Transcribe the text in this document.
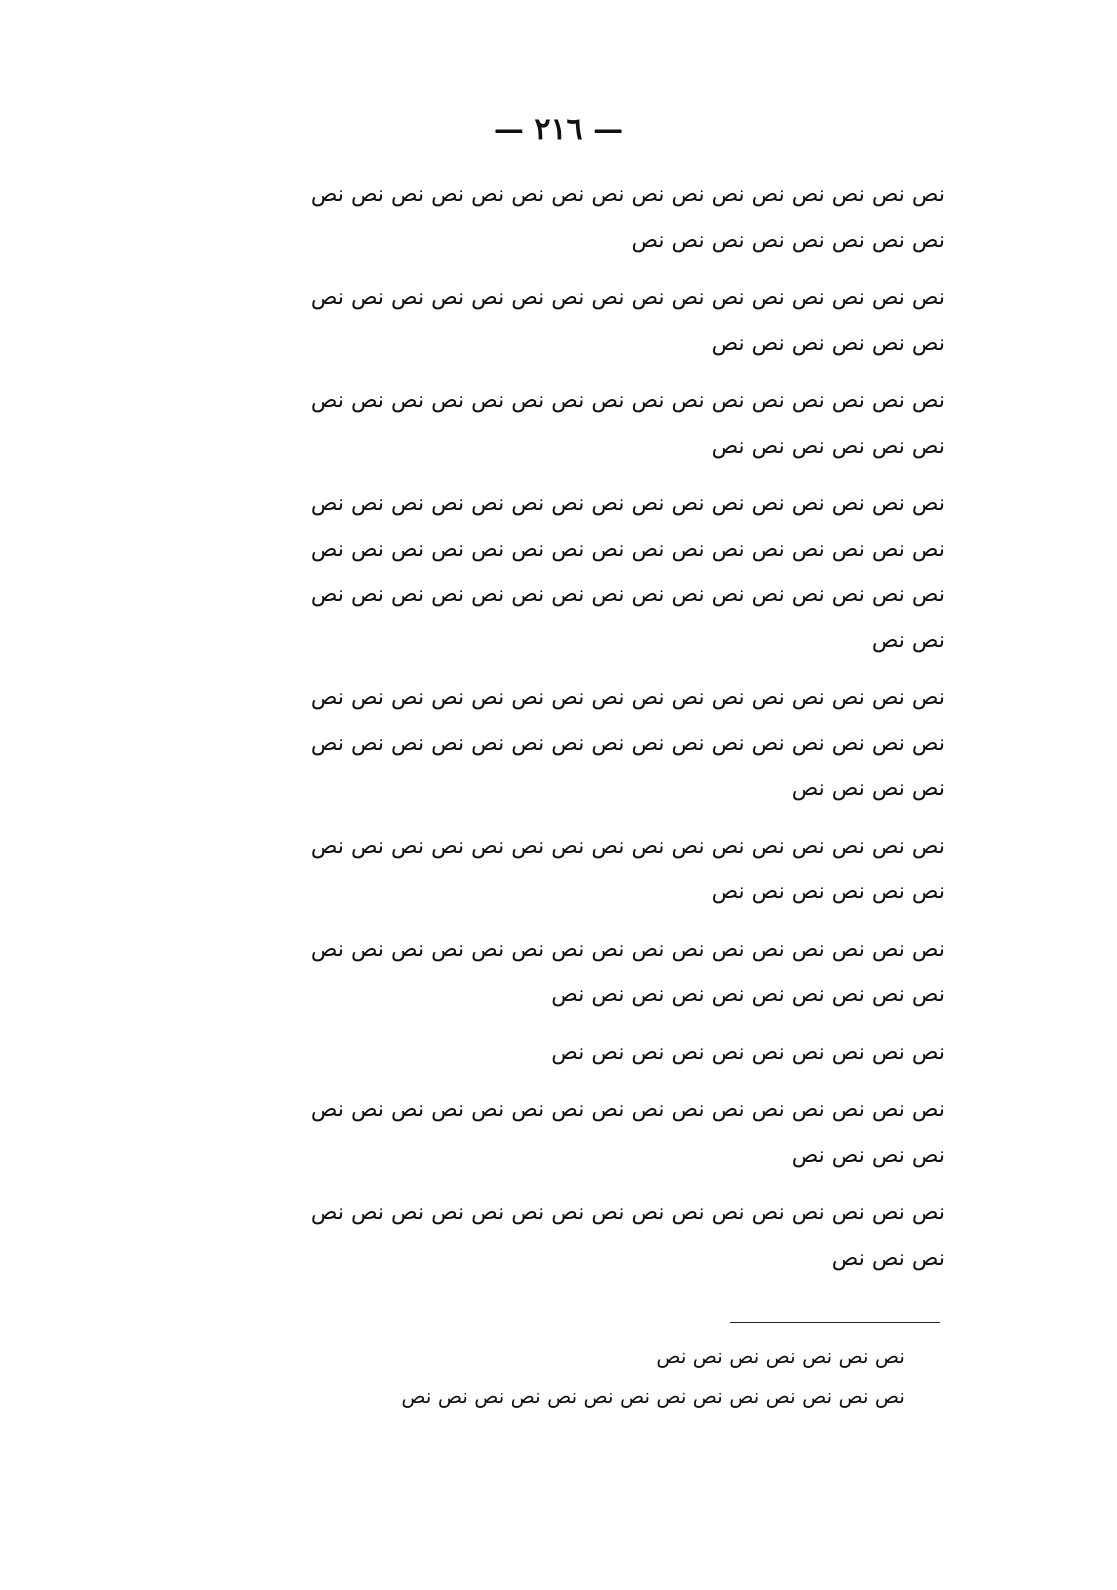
— ٢١٦ —
نص نص نص نص نص نص نص نص نص نص نص نص نص نص نص نص
نص نص نص نص نص نص نص نص
نص نص نص نص نص نص نص نص نص نص نص نص نص نص نص نص
نص نص نص نص نص نص
نص نص نص نص نص نص نص نص نص نص نص نص نص نص نص نص
نص نص نص نص نص نص
نص نص نص نص نص نص نص نص نص نص نص نص نص نص نص نص
نص نص نص نص نص نص نص نص نص نص نص نص نص نص نص نص
نص نص نص نص نص نص نص نص نص نص نص نص نص نص نص نص
نص نص
نص نص نص نص نص نص نص نص نص نص نص نص نص نص نص نص
نص نص نص نص نص نص نص نص نص نص نص نص نص نص نص نص
نص نص نص نص
نص نص نص نص نص نص نص نص نص نص نص نص نص نص نص نص
نص نص نص نص نص نص
نص نص نص نص نص نص نص نص نص نص نص نص نص نص نص نص
نص نص نص نص نص نص نص نص نص نص
نص نص نص نص نص نص نص نص نص نص
نص نص نص نص نص نص نص نص نص نص نص نص نص نص نص نص
نص نص نص نص
نص نص نص نص نص نص نص نص نص نص نص نص نص نص نص نص
نص نص نص
نص نص نص نص نص نص نص
نص نص نص نص نص نص نص نص نص نص نص نص نص نص
